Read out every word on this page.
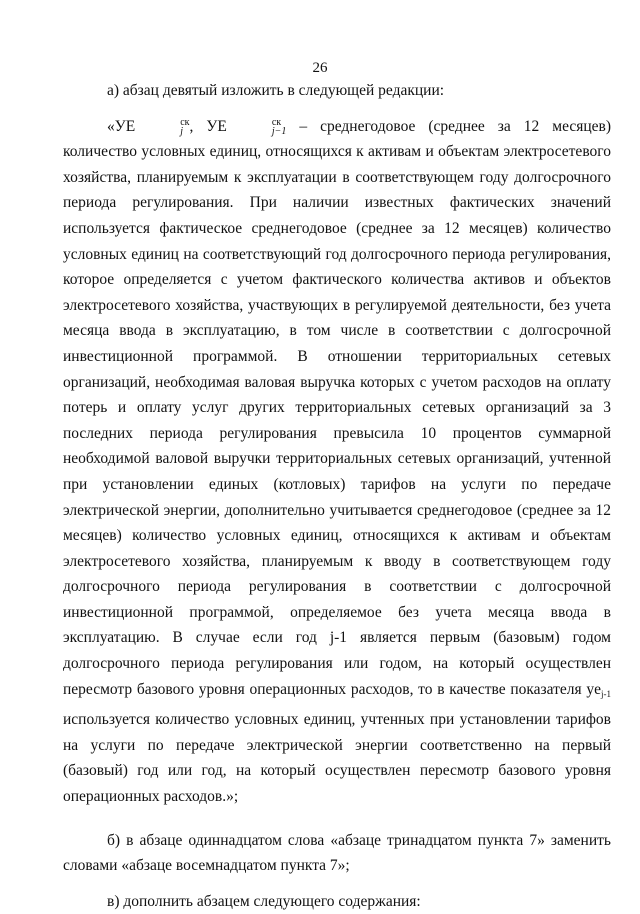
26

а) абзац девятый изложить в следующей редакции:

«УЕ	ск
j , УЕ	ск
j−1 – среднегодовое (среднее за 12 месяцев) количество условных единиц, относящихся к активам и объектам электросетевого хозяйства, планируемым к эксплуатации в соответствующем году долгосрочного периода регулирования. При наличии известных фактических значений используется фактическое среднегодовое (среднее за 12 месяцев) количество условных единиц на соответствующий год долгосрочного периода регулирования, которое определяется с учетом фактического количества активов и объектов электросетевого хозяйства, участвующих в регулируемой деятельности, без учета месяца ввода в эксплуатацию, в том числе в соответствии с долгосрочной инвестиционной программой. В отношении территориальных сетевых организаций, необходимая валовая выручка которых с учетом расходов на оплату потерь и оплату услуг других территориальных сетевых организаций за 3 последних периода регулирования превысила 10 процентов суммарной необходимой валовой выручки территориальных сетевых организаций, учтенной при установлении единых (котловых) тарифов на услуги по передаче электрической энергии, дополнительно учитывается среднегодовое (среднее за 12 месяцев) количество условных единиц, относящихся к активам и объектам электросетевого хозяйства, планируемым к вводу в соответствующем году долгосрочного периода регулирования в соответствии с долгосрочной инвестиционной программой, определяемое без учета месяца ввода в эксплуатацию. В случае если год j-1 является первым (базовым) годом долгосрочного периода регулирования или годом, на который осуществлен пересмотр базового уровня операционных расходов, то в качестве показателя yej-1 используется количество условных единиц, учтенных при установлении тарифов на услуги по передаче электрической энергии соответственно на первый (базовый) год или год, на который осуществлен пересмотр базового уровня операционных расходов.»;

б) в абзаце одиннадцатом слова «абзаце тринадцатом пункта 7» заменить словами «абзаце восемнадцатом пункта 7»;

в) дополнить абзацем следующего содержания:
